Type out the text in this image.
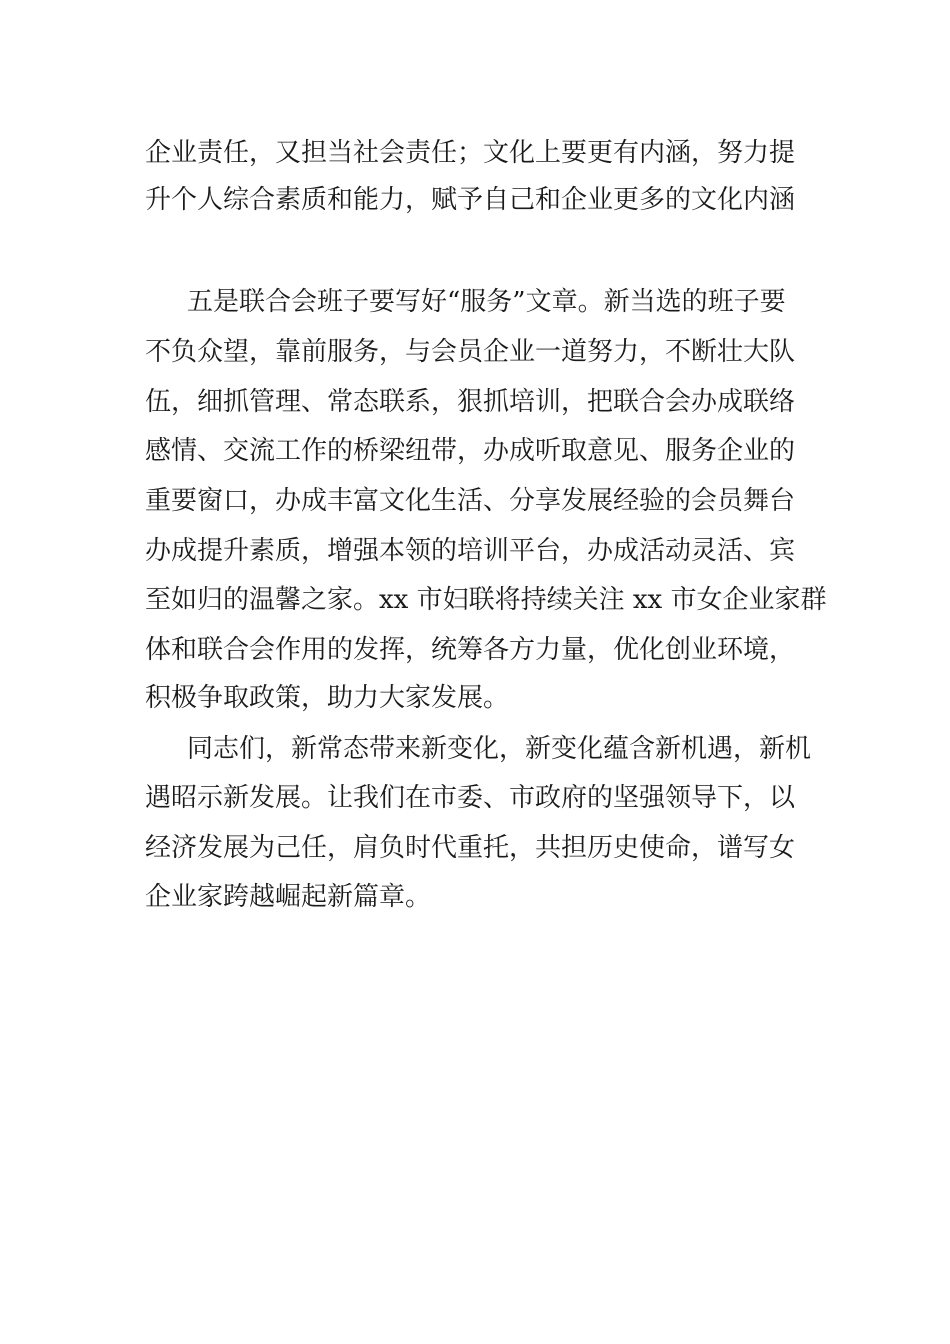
企业责任，又担当社会责任；文化上要更有内涵，努力提
升个人综合素质和能力，赋予自己和企业更多的文化内涵
五是联合会班子要写好“服务”文章。新当选的班子要
不负众望，靠前服务，与会员企业一道努力，不断壮大队
伍，细抓管理、常态联系，狠抓培训，把联合会办成联络
感情、交流工作的桥梁纽带，办成听取意见、服务企业的
重要窗口，办成丰富文化生活、分享发展经验的会员舞台
办成提升素质，增强本领的培训平台，办成活动灵活、宾
至如归的温馨之家。xx 市妇联将持续关注 xx 市女企业家群
体和联合会作用的发挥，统筹各方力量，优化创业环境，
积极争取政策，助力大家发展。
同志们，新常态带来新变化，新变化蕴含新机遇，新机
遇昭示新发展。让我们在市委、市政府的坚强领导下，以
经济发展为己任，肩负时代重托，共担历史使命，谱写女
企业家跨越崛起新篇章。
